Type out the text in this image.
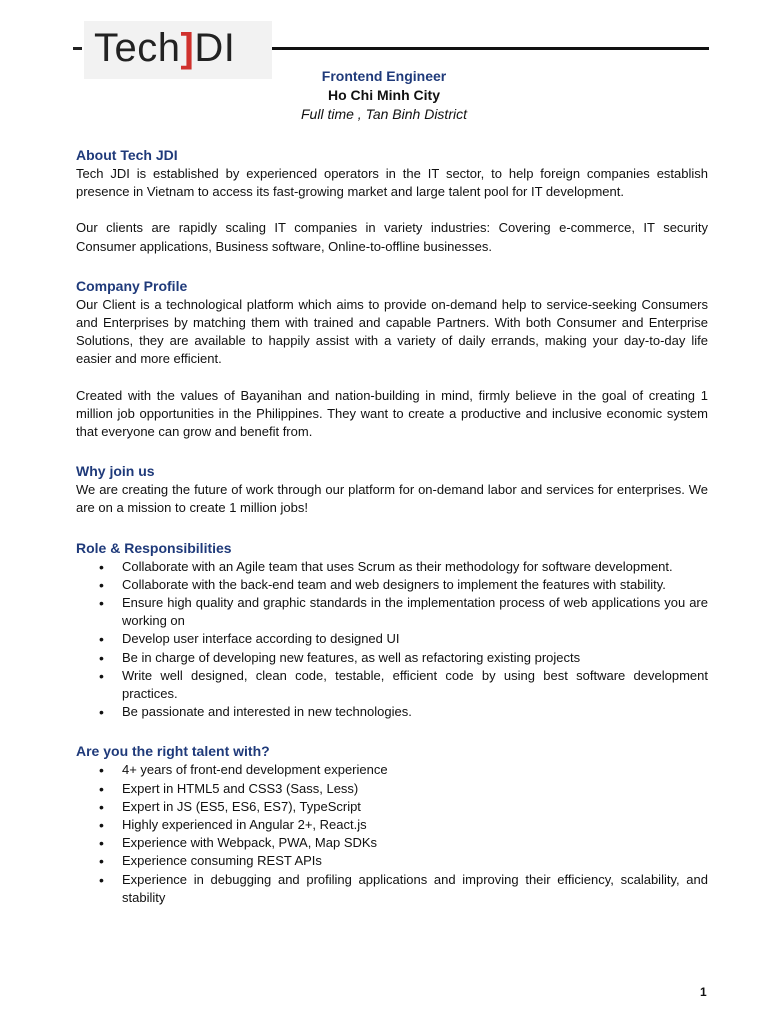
Tech]DI
Frontend Engineer
Ho Chi Minh City
Full time , Tan Binh District
About Tech JDI

Tech JDI is established by experienced operators in the IT sector, to help foreign companies establish presence in Vietnam to access its fast-growing market and large talent pool for IT development.

Our clients are rapidly scaling IT companies in variety industries: Covering e-commerce, IT security Consumer applications, Business software, Online-to-offline businesses.

Company Profile

Our Client is a technological platform which aims to provide on-demand help to service-seeking Consumers and Enterprises by matching them with trained and capable Partners. With both Consumer and Enterprise Solutions, they are available to happily assist with a variety of daily errands, making your day-to-day life easier and more efficient.

Created with the values of Bayanihan and nation-building in mind, firmly believe in the goal of creating 1 million job opportunities in the Philippines. They want to create a productive and inclusive economic system that everyone can grow and benefit from.

Why join us

We are creating the future of work through our platform for on-demand labor and services for enterprises. We are on a mission to create 1 million jobs!

Role & Responsibilities
• Collaborate with an Agile team that uses Scrum as their methodology for software development.
• Collaborate with the back-end team and web designers to implement the features with stability.
• Ensure high quality and graphic standards in the implementation process of web applications you are working on
• Develop user interface according to designed UI
• Be in charge of developing new features, as well as refactoring existing projects
• Write well designed, clean code, testable, efficient code by using best software development practices.
• Be passionate and interested in new technologies.
Are you the right talent with?
• 4+ years of front-end development experience
• Expert in HTML5 and CSS3 (Sass, Less)
• Expert in JS (ES5, ES6, ES7), TypeScript
• Highly experienced in Angular 2+, React.js
• Experience with Webpack, PWA, Map SDKs
• Experience consuming REST APIs
• Experience in debugging and profiling applications and improving their efficiency, scalability, and stability
1
